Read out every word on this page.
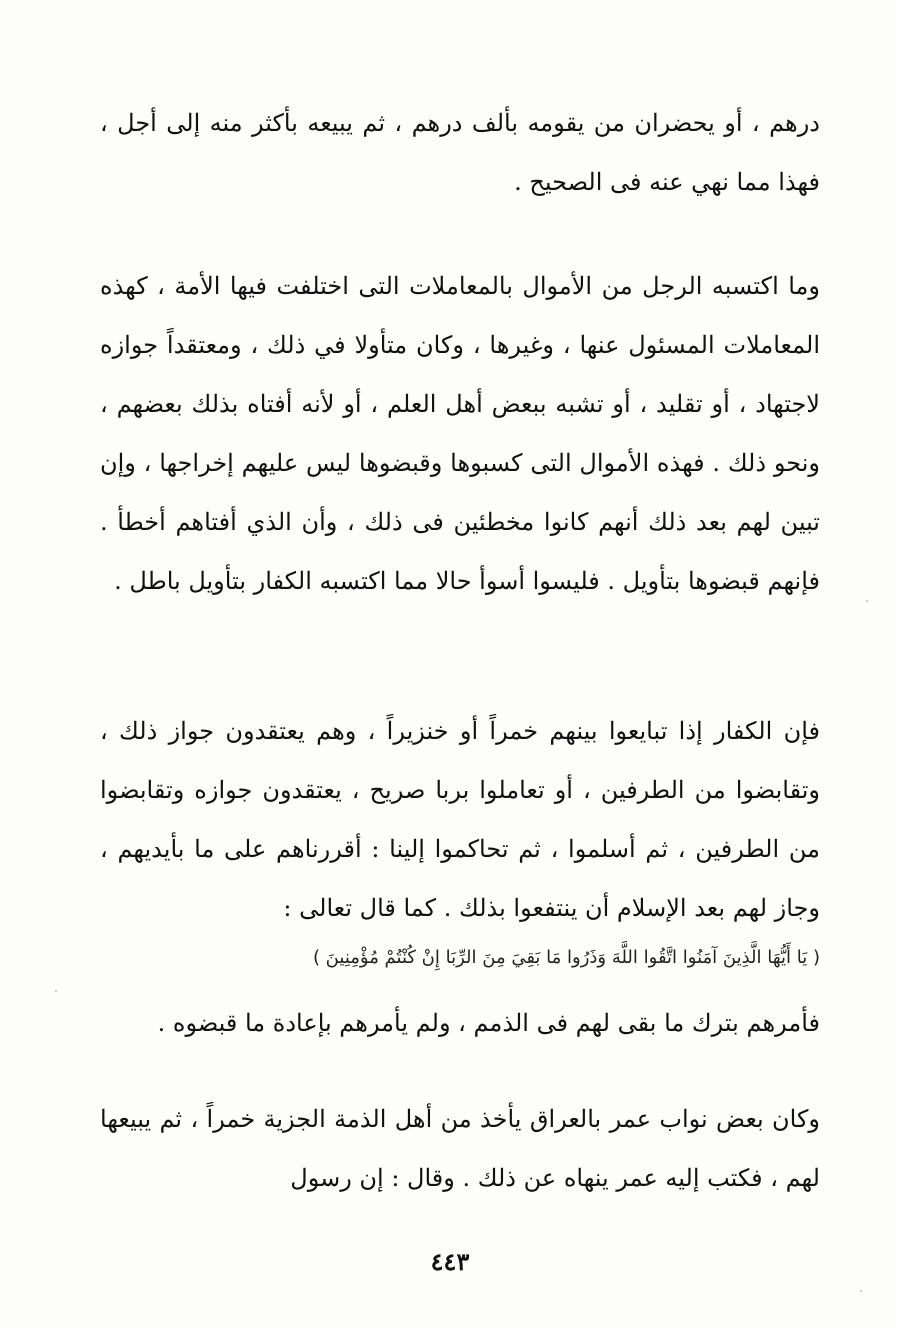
درهم ، أو يحضران من يقومه بألف درهم ، ثم يبيعه بأكثر منه إلى أجل ، فهذا مما نهي عنه فى الصحيح .

وما اكتسبه الرجل من الأموال بالمعاملات التى اختلفت فيها الأمة ، كهذه المعاملات المسئول عنها ، وغيرها ، وكان متأولا في ذلك ، ومعتقداً جوازه لاجتهاد ، أو تقليد ، أو تشبه ببعض أهل العلم ، أو لأنه أفتاه بذلك بعضهم ، ونحو ذلك . فهذه الأموال التى كسبوها وقبضوها ليس عليهم إخراجها ، وإن تبين لهم بعد ذلك أنهم كانوا مخطئين فى ذلك ، وأن الذي أفتاهم أخطأ . فإنهم قبضوها بتأويل . فليسوا أسوأ حالا مما اكتسبه الكفار بتأويل باطل .

فإن الكفار إذا تبايعوا بينهم خمراً أو خنزيراً ، وهم يعتقدون جواز ذلك ، وتقابضوا من الطرفين ، أو تعاملوا بربا صريح ، يعتقدون جوازه وتقابضوا من الطرفين ، ثم أسلموا ، ثم تحاكموا إلينا : أقررناهم على ما بأيديهم ، وجاز لهم بعد الإسلام أن ينتفعوا بذلك . كما قال تعالى :

( يَا أَيُّهَا الَّذِينَ آمَنُوا اتَّقُوا اللَّهَ وَذَرُوا مَا بَقِيَ مِنَ الرِّبَا إِنْ كُنْتُمْ مُؤْمِنِينَ )

فأمرهم بترك ما بقى لهم فى الذمم ، ولم يأمرهم بإعادة ما قبضوه .

وكان بعض نواب عمر بالعراق يأخذ من أهل الذمة الجزية خمراً ، ثم يبيعها لهم ، فكتب إليه عمر ينهاه عن ذلك . وقال : إن رسول

٤٤٣
